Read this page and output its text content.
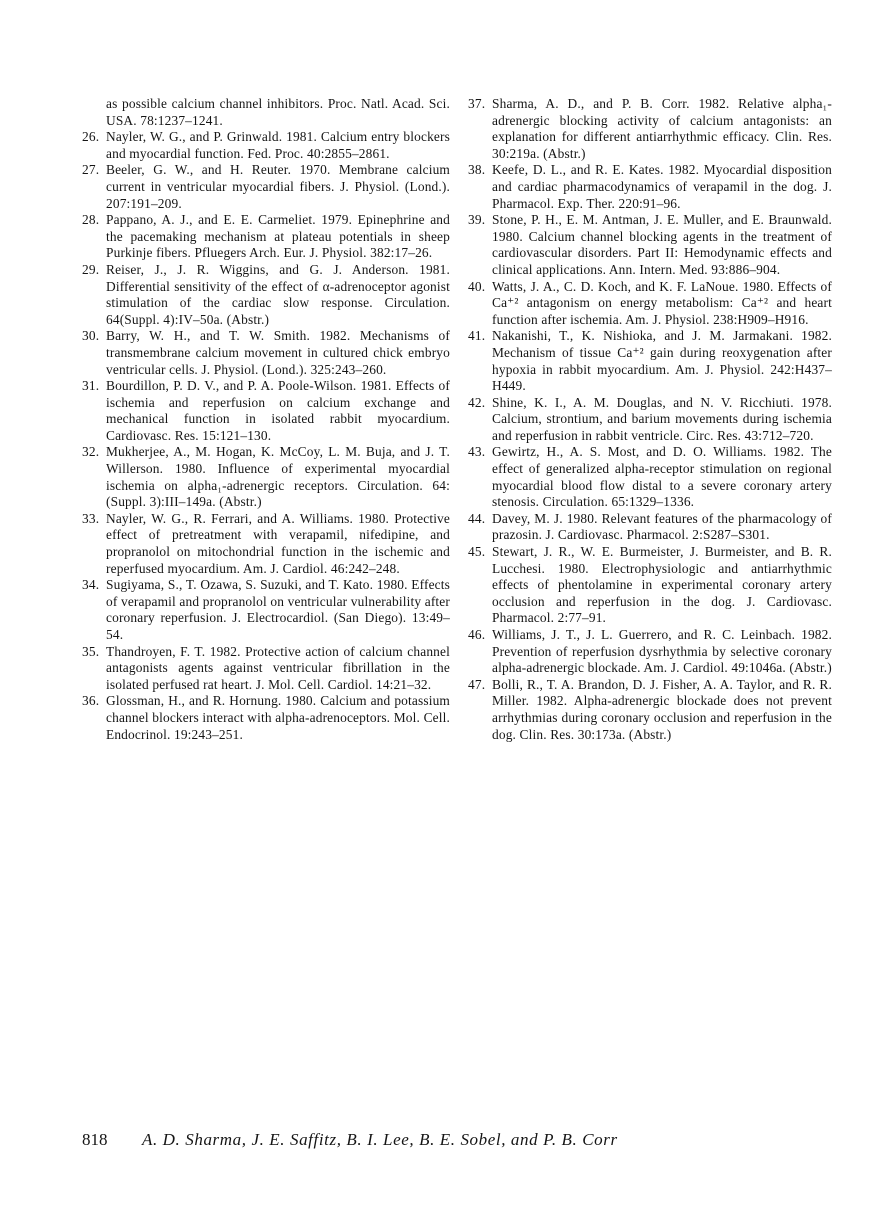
as possible calcium channel inhibitors. Proc. Natl. Acad. Sci. USA. 78:1237–1241.
26. Nayler, W. G., and P. Grinwald. 1981. Calcium entry blockers and myocardial function. Fed. Proc. 40:2855–2861.
27. Beeler, G. W., and H. Reuter. 1970. Membrane calcium current in ventricular myocardial fibers. J. Physiol. (Lond.). 207:191–209.
28. Pappano, A. J., and E. E. Carmeliet. 1979. Epinephrine and the pacemaking mechanism at plateau potentials in sheep Purkinje fibers. Pfluegers Arch. Eur. J. Physiol. 382:17–26.
29. Reiser, J., J. R. Wiggins, and G. J. Anderson. 1981. Differential sensitivity of the effect of α-adrenoceptor agonist stimulation of the cardiac slow response. Circulation. 64(Suppl. 4):IV–50a. (Abstr.)
30. Barry, W. H., and T. W. Smith. 1982. Mechanisms of transmembrane calcium movement in cultured chick embryo ventricular cells. J. Physiol. (Lond.). 325:243–260.
31. Bourdillon, P. D. V., and P. A. Poole-Wilson. 1981. Effects of ischemia and reperfusion on calcium exchange and mechanical function in isolated rabbit myocardium. Cardiovasc. Res. 15:121–130.
32. Mukherjee, A., M. Hogan, K. McCoy, L. M. Buja, and J. T. Willerson. 1980. Influence of experimental myocardial ischemia on alpha₁-adrenergic receptors. Circulation. 64:(Suppl. 3):III–149a. (Abstr.)
33. Nayler, W. G., R. Ferrari, and A. Williams. 1980. Protective effect of pretreatment with verapamil, nifedipine, and propranolol on mitochondrial function in the ischemic and reperfused myocardium. Am. J. Cardiol. 46:242–248.
34. Sugiyama, S., T. Ozawa, S. Suzuki, and T. Kato. 1980. Effects of verapamil and propranolol on ventricular vulnerability after coronary reperfusion. J. Electrocardiol. (San Diego). 13:49–54.
35. Thandroyen, F. T. 1982. Protective action of calcium channel antagonists agents against ventricular fibrillation in the isolated perfused rat heart. J. Mol. Cell. Cardiol. 14:21–32.
36. Glossman, H., and R. Hornung. 1980. Calcium and potassium channel blockers interact with alpha-adrenoceptors. Mol. Cell. Endocrinol. 19:243–251.
37. Sharma, A. D., and P. B. Corr. 1982. Relative alpha₁-adrenergic blocking activity of calcium antagonists: an explanation for different antiarrhythmic efficacy. Clin. Res. 30:219a. (Abstr.)
38. Keefe, D. L., and R. E. Kates. 1982. Myocardial disposition and cardiac pharmacodynamics of verapamil in the dog. J. Pharmacol. Exp. Ther. 220:91–96.
39. Stone, P. H., E. M. Antman, J. E. Muller, and E. Braunwald. 1980. Calcium channel blocking agents in the treatment of cardiovascular disorders. Part II: Hemodynamic effects and clinical applications. Ann. Intern. Med. 93:886–904.
40. Watts, J. A., C. D. Koch, and K. F. LaNoue. 1980. Effects of Ca⁺² antagonism on energy metabolism: Ca⁺² and heart function after ischemia. Am. J. Physiol. 238:H909–H916.
41. Nakanishi, T., K. Nishioka, and J. M. Jarmakani. 1982. Mechanism of tissue Ca⁺² gain during reoxygenation after hypoxia in rabbit myocardium. Am. J. Physiol. 242:H437–H449.
42. Shine, K. I., A. M. Douglas, and N. V. Ricchiuti. 1978. Calcium, strontium, and barium movements during ischemia and reperfusion in rabbit ventricle. Circ. Res. 43:712–720.
43. Gewirtz, H., A. S. Most, and D. O. Williams. 1982. The effect of generalized alpha-receptor stimulation on regional myocardial blood flow distal to a severe coronary artery stenosis. Circulation. 65:1329–1336.
44. Davey, M. J. 1980. Relevant features of the pharmacology of prazosin. J. Cardiovasc. Pharmacol. 2:S287–S301.
45. Stewart, J. R., W. E. Burmeister, J. Burmeister, and B. R. Lucchesi. 1980. Electrophysiologic and antiarrhythmic effects of phentolamine in experimental coronary artery occlusion and reperfusion in the dog. J. Cardiovasc. Pharmacol. 2:77–91.
46. Williams, J. T., J. L. Guerrero, and R. C. Leinbach. 1982. Prevention of reperfusion dysrhythmia by selective coronary alpha-adrenergic blockade. Am. J. Cardiol. 49:1046a. (Abstr.)
47. Bolli, R., T. A. Brandon, D. J. Fisher, A. A. Taylor, and R. R. Miller. 1982. Alpha-adrenergic blockade does not prevent arrhythmias during coronary occlusion and reperfusion in the dog. Clin. Res. 30:173a. (Abstr.)
818 A. D. Sharma, J. E. Saffitz, B. I. Lee, B. E. Sobel, and P. B. Corr
